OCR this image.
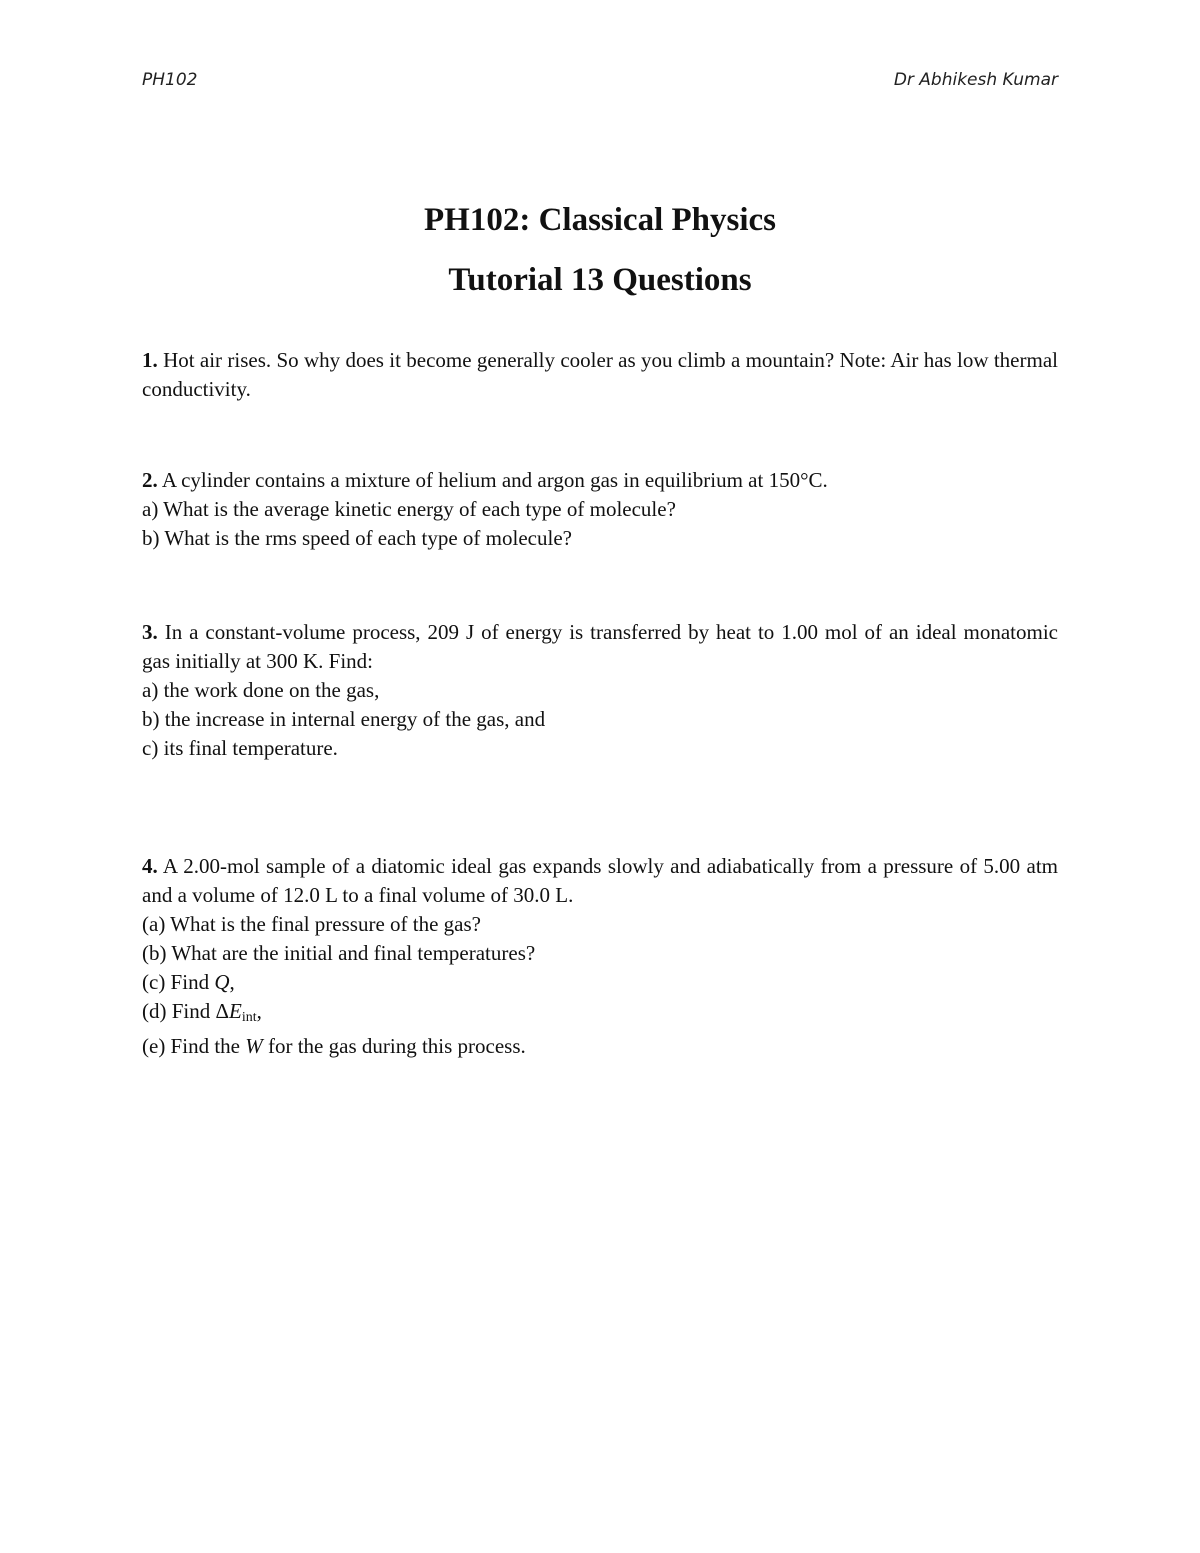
PH102	Dr Abhikesh Kumar
PH102: Classical Physics
Tutorial 13 Questions
1. Hot air rises. So why does it become generally cooler as you climb a mountain? Note: Air has low thermal conductivity.
2. A cylinder contains a mixture of helium and argon gas in equilibrium at 150°C.
a) What is the average kinetic energy of each type of molecule?
b) What is the rms speed of each type of molecule?
3. In a constant-volume process, 209 J of energy is transferred by heat to 1.00 mol of an ideal monatomic gas initially at 300 K. Find:
a) the work done on the gas,
b) the increase in internal energy of the gas, and
c) its final temperature.
4. A 2.00-mol sample of a diatomic ideal gas expands slowly and adiabatically from a pressure of 5.00 atm and a volume of 12.0 L to a final volume of 30.0 L.
(a) What is the final pressure of the gas?
(b) What are the initial and final temperatures?
(c) Find Q,
(d) Find $\Delta E_{int}$,
(e) Find the W for the gas during this process.
